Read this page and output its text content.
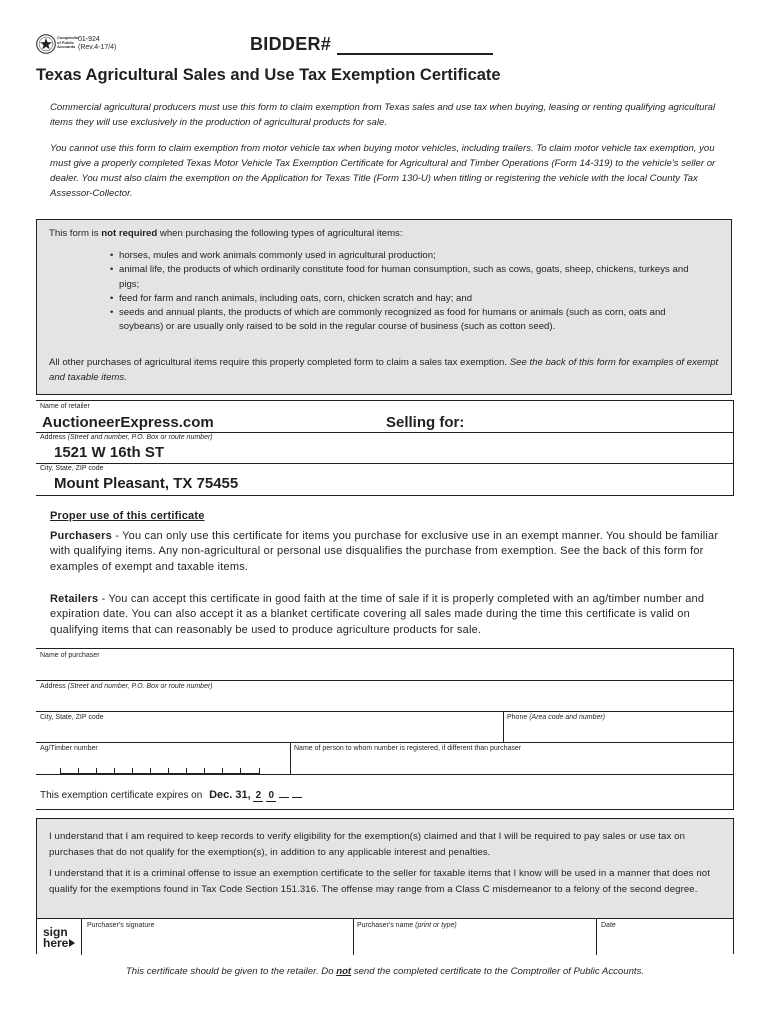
Comptroller of Public Accounts
01-924
(Rev.4-17/4)	BIDDER#
Texas Agricultural Sales and Use Tax Exemption Certificate
Commercial agricultural producers must use this form to claim exemption from Texas sales and use tax when buying, leasing or renting qualifying agricultural items they will use exclusively in the production of agricultural products for sale.
You cannot use this form to claim exemption from motor vehicle tax when buying motor vehicles, including trailers. To claim motor vehicle tax exemption, you must give a properly completed Texas Motor Vehicle Tax Exemption Certificate for Agricultural and Timber Operations (Form 14-319) to the vehicle's seller or dealer. You must also claim the exemption on the Application for Texas Title (Form 130-U) when titling or registering the vehicle with the local County Tax Assessor-Collector.
This form is not required when purchasing the following types of agricultural items:
• horses, mules and work animals commonly used in agricultural production;
• animal life, the products of which ordinarily constitute food for human consumption, such as cows, goats, sheep, chickens, turkeys and pigs;
• feed for farm and ranch animals, including oats, corn, chicken scratch and hay; and
• seeds and annual plants, the products of which are commonly recognized as food for humans or animals (such as corn, oats and soybeans) or are usually only raised to be sold in the regular course of business (such as cotton seed).
All other purchases of agricultural items require this properly completed form to claim a sales tax exemption. See the back of this form for examples of exempt and taxable items.
Name of retailer
AuctioneerExpress.com	Selling for:
Address (Street and number, P.O. Box or route number)
1521 W 16th ST
City, State, ZIP code
Mount Pleasant, TX 75455
Proper use of this certificate
Purchasers - You can only use this certificate for items you purchase for exclusive use in an exempt manner. You should be familiar with qualifying items. Any non-agricultural or personal use disqualifies the purchase from exemption. See the back of this form for examples of exempt and taxable items.
Retailers - You can accept this certificate in good faith at the time of sale if it is properly completed with an ag/timber number and expiration date. You can also accept it as a blanket certificate covering all sales made during the time this certificate is valid on qualifying items that can reasonably be used to produce agriculture products for sale.
Name of purchaser
Address (Street and number, P.O. Box or route number)
City, State, ZIP code	Phone (Area code and number)
Ag/Timber number	Name of person to whom number is registered, if different than purchaser
This exemption certificate expires on Dec. 31, 2 0

I understand that I am required to keep records to verify eligibility for the exemption(s) claimed and that I will be required to pay sales or use tax on purchases that do not qualify for the exemption(s), in addition to any applicable interest and penalties.

I understand that it is a criminal offense to issue an exemption certificate to the seller for taxable items that I know will be used in a manner that does not qualify for the exemptions found in Tax Code Section 151.316. The offense may range from a Class C misdemeanor to a felony of the second degree.

sign
here
Purchaser's signature	Purchaser's name (print or type)	Date
This certificate should be given to the retailer. Do not send the completed certificate to the Comptroller of Public Accounts.
